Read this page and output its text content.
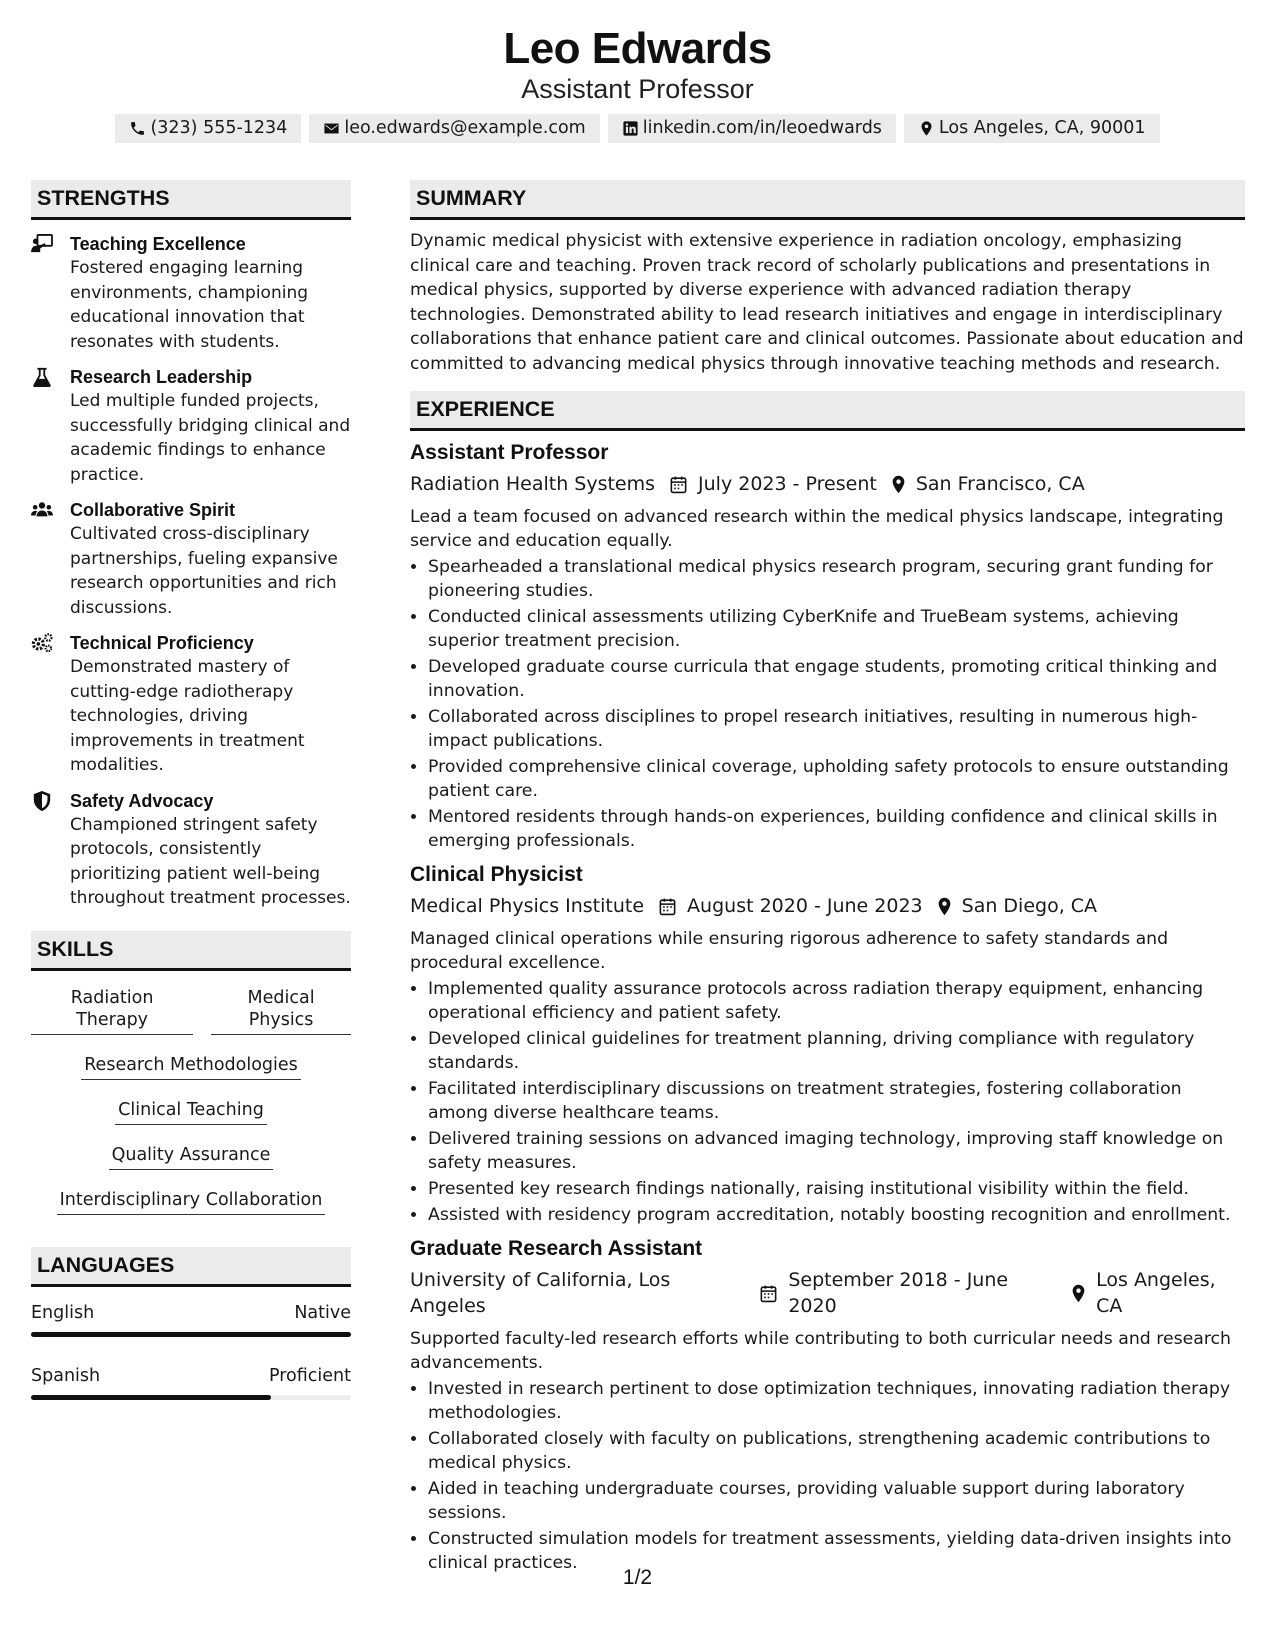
Leo Edwards
Assistant Professor
(323) 555-1234	leo.edwards@example.com	linkedin.com/in/leoedwards	Los Angeles, CA, 90001
STRENGTHS
Teaching Excellence
Fostered engaging learning environments, championing educational innovation that resonates with students.
Research Leadership
Led multiple funded projects, successfully bridging clinical and academic findings to enhance practice.
Collaborative Spirit
Cultivated cross-disciplinary partnerships, fueling expansive research opportunities and rich discussions.
Technical Proficiency
Demonstrated mastery of cutting-edge radiotherapy technologies, driving improvements in treatment modalities.
Safety Advocacy
Championed stringent safety protocols, consistently prioritizing patient well-being throughout treatment processes.
SKILLS
Radiation Therapy
Medical Physics
Research Methodologies
Clinical Teaching
Quality Assurance
Interdisciplinary Collaboration
LANGUAGES
English	Native
Spanish	Proficient
SUMMARY
Dynamic medical physicist with extensive experience in radiation oncology, emphasizing clinical care and teaching. Proven track record of scholarly publications and presentations in medical physics, supported by diverse experience with advanced radiation therapy technologies. Demonstrated ability to lead research initiatives and engage in interdisciplinary collaborations that enhance patient care and clinical outcomes. Passionate about education and committed to advancing medical physics through innovative teaching methods and research.
EXPERIENCE
Assistant Professor
Radiation Health Systems July 2023 - Present San Francisco, CA
Lead a team focused on advanced research within the medical physics landscape, integrating service and education equally.
• Spearheaded a translational medical physics research program, securing grant funding for pioneering studies.
• Conducted clinical assessments utilizing CyberKnife and TrueBeam systems, achieving superior treatment precision.
• Developed graduate course curricula that engage students, promoting critical thinking and innovation.
• Collaborated across disciplines to propel research initiatives, resulting in numerous high-impact publications.
• Provided comprehensive clinical coverage, upholding safety protocols to ensure outstanding patient care.
• Mentored residents through hands-on experiences, building confidence and clinical skills in emerging professionals.
Clinical Physicist
Medical Physics Institute August 2020 - June 2023 San Diego, CA
Managed clinical operations while ensuring rigorous adherence to safety standards and procedural excellence.
• Implemented quality assurance protocols across radiation therapy equipment, enhancing operational efficiency and patient safety.
• Developed clinical guidelines for treatment planning, driving compliance with regulatory standards.
• Facilitated interdisciplinary discussions on treatment strategies, fostering collaboration among diverse healthcare teams.
• Delivered training sessions on advanced imaging technology, improving staff knowledge on safety measures.
• Presented key research findings nationally, raising institutional visibility within the field.
• Assisted with residency program accreditation, notably boosting recognition and enrollment.
Graduate Research Assistant
University of California, Los Angeles
September 2018 - June 2020
Los Angeles, CA
Supported faculty-led research efforts while contributing to both curricular needs and research advancements.
• Invested in research pertinent to dose optimization techniques, innovating radiation therapy methodologies.
• Collaborated closely with faculty on publications, strengthening academic contributions to medical physics.
• Aided in teaching undergraduate courses, providing valuable support during laboratory sessions.
• Constructed simulation models for treatment assessments, yielding data-driven insights into clinical practices.
1/2
